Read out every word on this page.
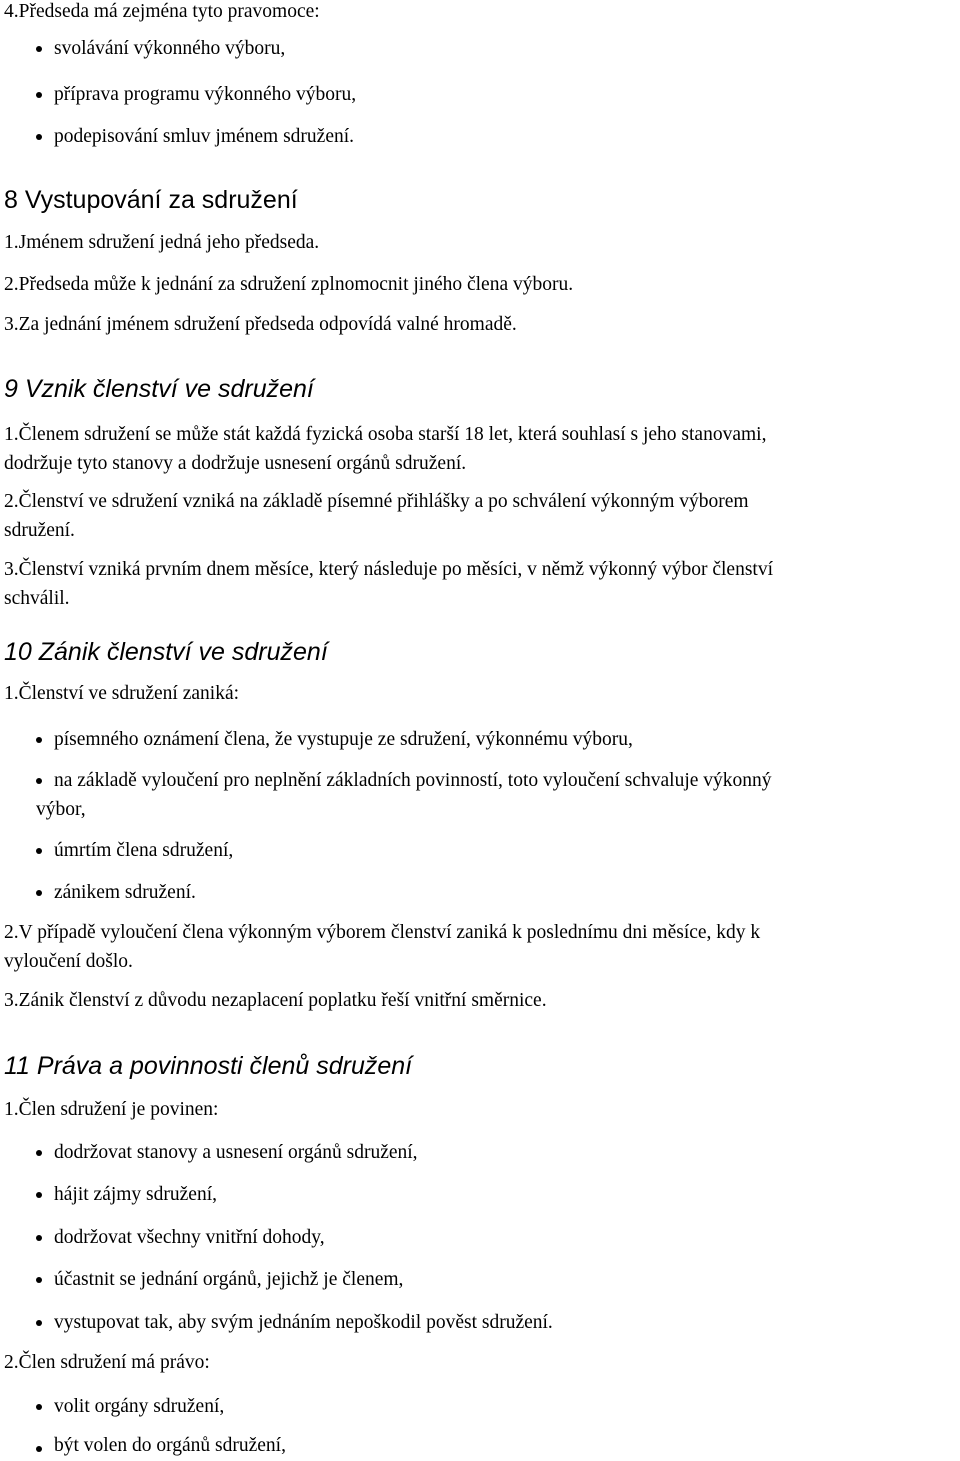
4.Předseda má zejména tyto pravomoce:

svolávání výkonného výboru,
příprava programu výkonného výboru,
podepisování smluv jménem sdružení.
8 Vystupování za sdružení

1.Jménem sdružení jedná jeho předseda.

2.Předseda může k jednání za sdružení zplnomocnit jiného člena výboru.

3.Za jednání jménem sdružení předseda odpovídá valné hromadě.

9 Vznik členství ve sdružení

1.Členem sdružení se může stát každá fyzická osoba starší 18 let, která souhlasí s jeho stanovami,

dodržuje tyto stanovy a dodržuje usnesení orgánů sdružení.

2.Členství ve sdružení vzniká na základě písemné přihlášky a po schválení výkonným výborem

sdružení.

3.Členství vzniká prvním dnem měsíce, který následuje po měsíci, v němž výkonný výbor členství

schválil.

10 Zánik členství ve sdružení

1.Členství ve sdružení zaniká:

písemného oznámení člena, že vystupuje ze sdružení, výkonnému výboru,
na základě vyloučení pro neplnění základních povinností, toto vyloučení schvaluje výkonný
výbor,
úmrtím člena sdružení,
zánikem sdružení.

2.V případě vyloučení člena výkonným výborem členství zaniká k poslednímu dni měsíce, kdy k

vyloučení došlo.

3.Zánik členství z důvodu nezaplacení poplatku řeší vnitřní směrnice.

11 Práva a povinnosti členů sdružení

1.Člen sdružení je povinen:

dodržovat stanovy a usnesení orgánů sdružení,
hájit zájmy sdružení,
dodržovat všechny vnitřní dohody,
účastnit se jednání orgánů, jejichž je členem,
vystupovat tak, aby svým jednáním nepoškodil pověst sdružení.

2.Člen sdružení má právo:

volit orgány sdružení,
být volen do orgánů sdružení,
